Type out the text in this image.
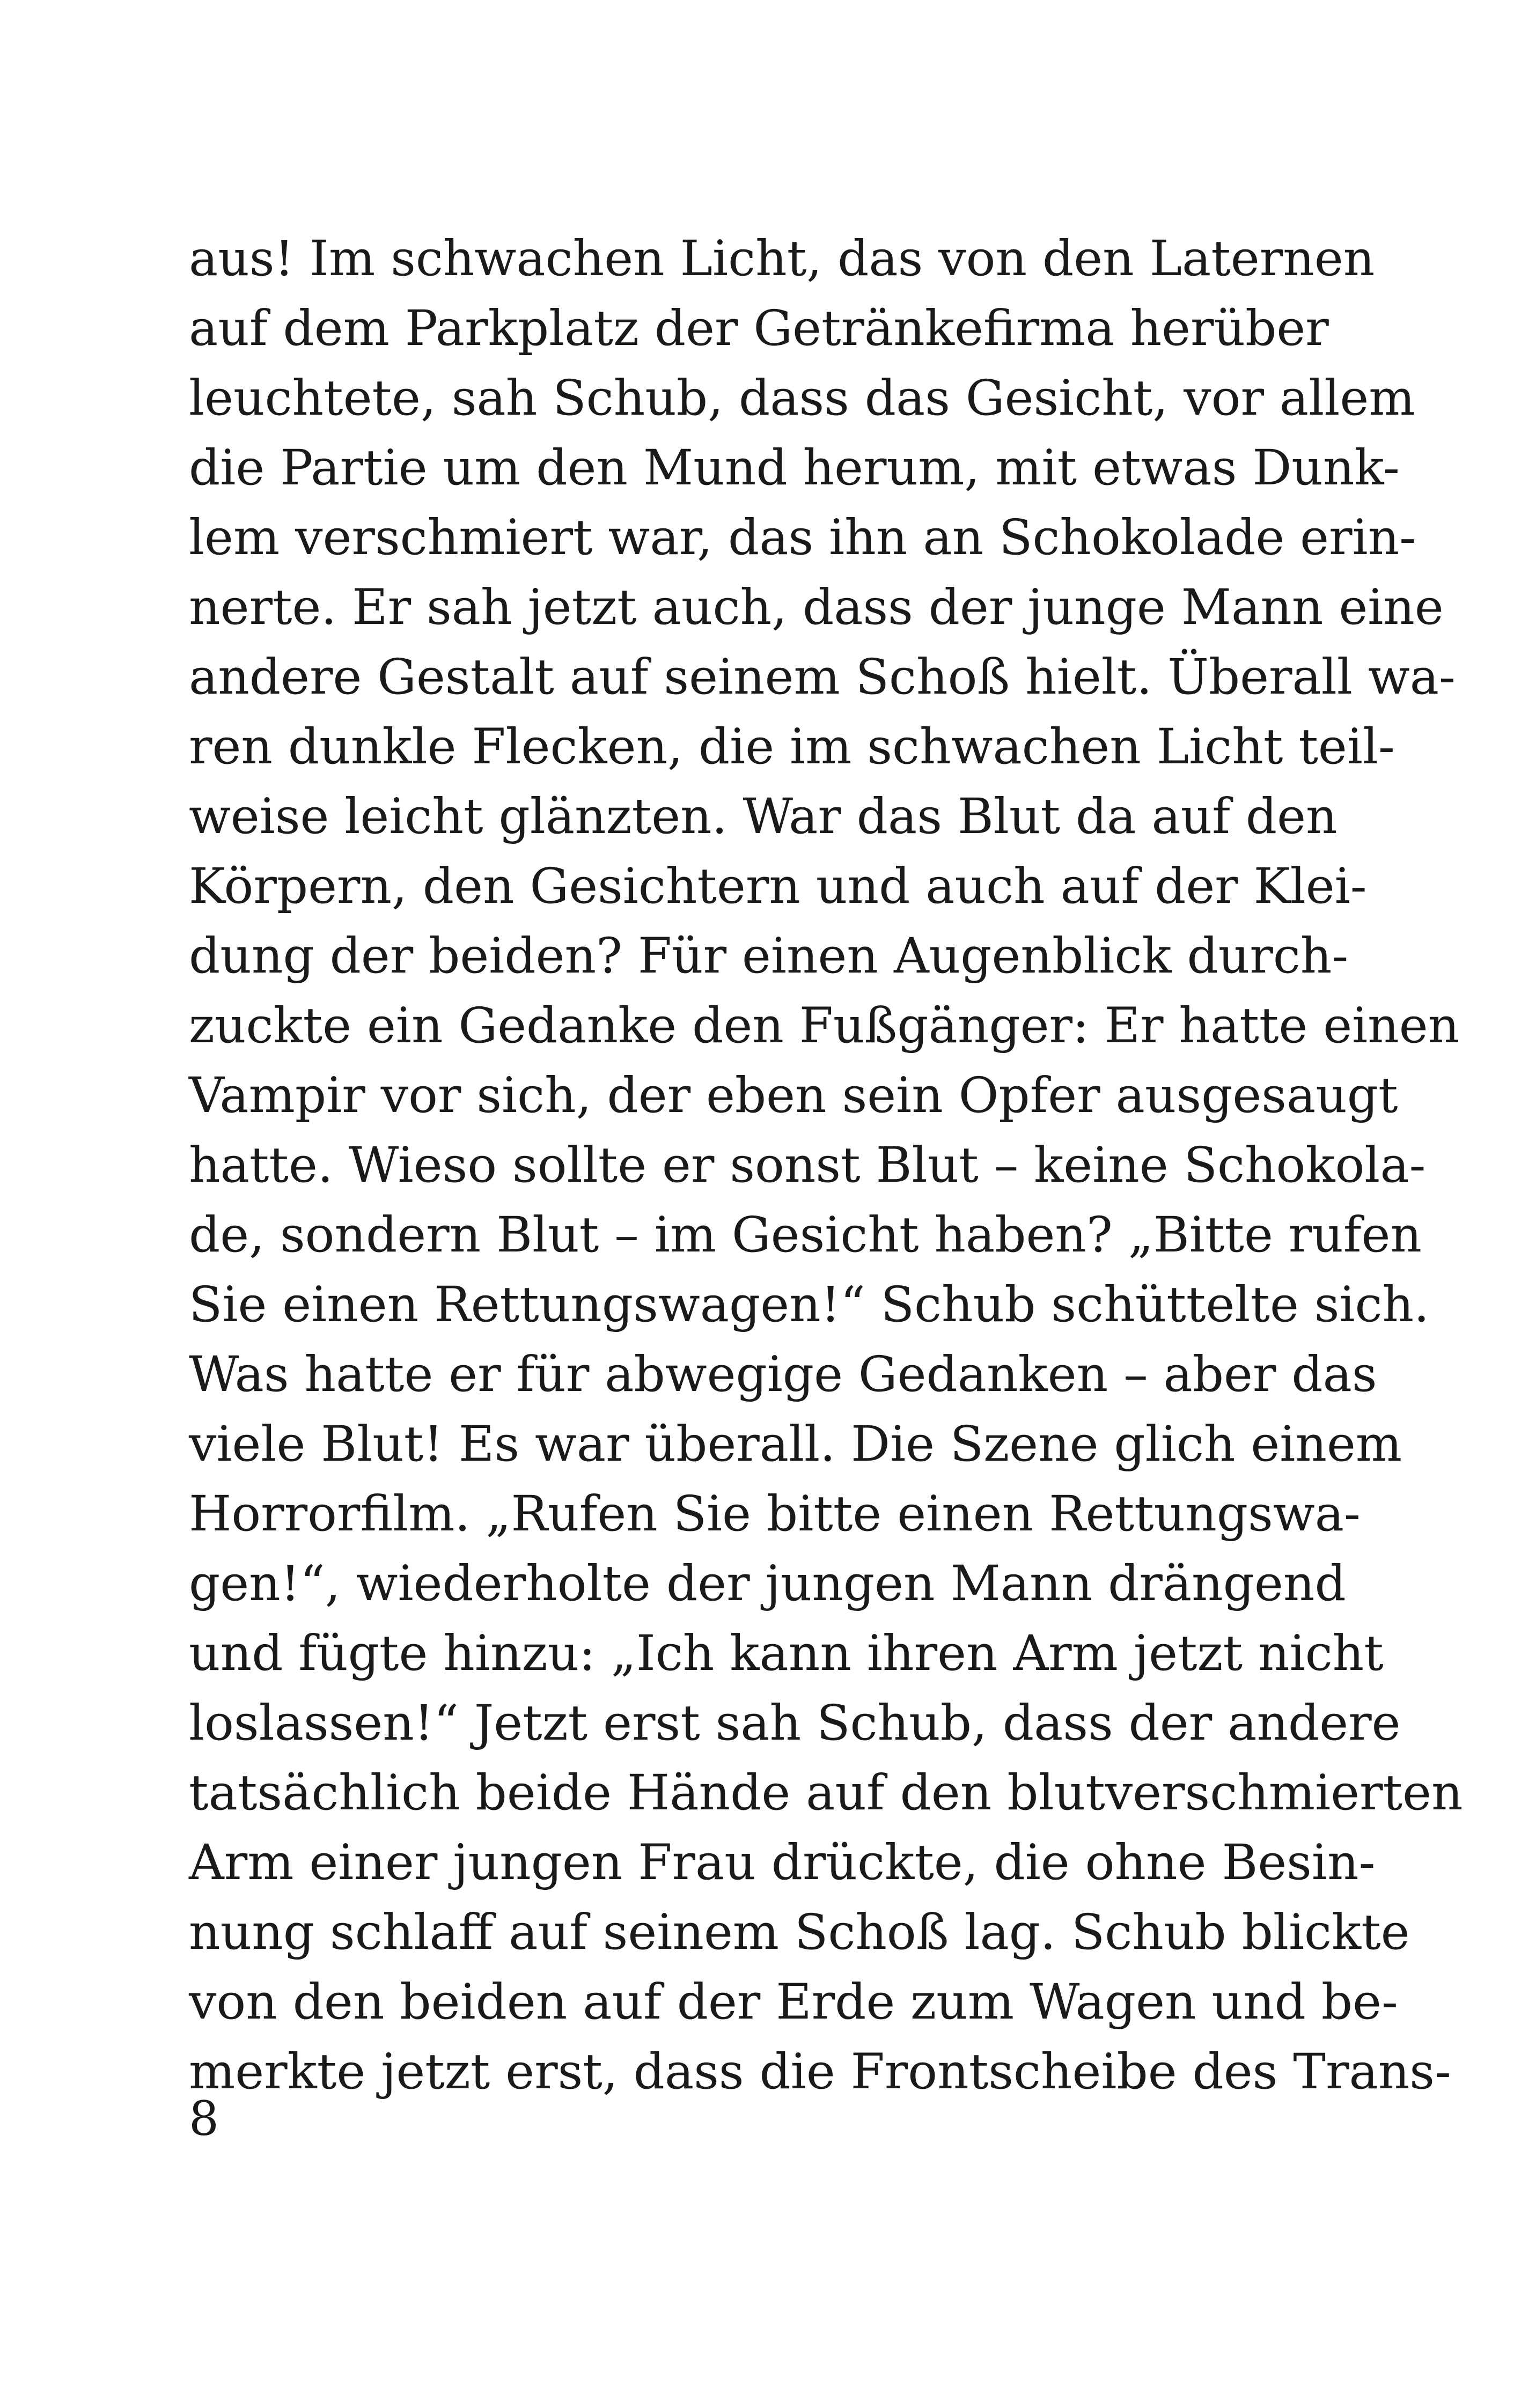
aus! Im schwachen Licht, das von den Laternen
auf dem Parkplatz der Getränkefirma herüber
leuchtete, sah Schub, dass das Gesicht, vor allem
die Partie um den Mund herum, mit etwas Dunk-
lem verschmiert war, das ihn an Schokolade erin-
nerte. Er sah jetzt auch, dass der junge Mann eine
andere Gestalt auf seinem Schoß hielt. Überall wa-
ren dunkle Flecken, die im schwachen Licht teil-
weise leicht glänzten. War das Blut da auf den
Körpern, den Gesichtern und auch auf der Klei-
dung der beiden? Für einen Augenblick durch-
zuckte ein Gedanke den Fußgänger: Er hatte einen
Vampir vor sich, der eben sein Opfer ausgesaugt
hatte. Wieso sollte er sonst Blut – keine Schokola-
de, sondern Blut – im Gesicht haben? „Bitte rufen
Sie einen Rettungswagen!“ Schub schüttelte sich.
Was hatte er für abwegige Gedanken – aber das
viele Blut! Es war überall. Die Szene glich einem
Horrorfilm. „Rufen Sie bitte einen Rettungswa-
gen!“, wiederholte der jungen Mann drängend
und fügte hinzu: „Ich kann ihren Arm jetzt nicht
loslassen!“ Jetzt erst sah Schub, dass der andere
tatsächlich beide Hände auf den blutverschmierten
Arm einer jungen Frau drückte, die ohne Besin-
nung schlaff auf seinem Schoß lag. Schub blickte
von den beiden auf der Erde zum Wagen und be-
merkte jetzt erst, dass die Frontscheibe des Trans-
8
